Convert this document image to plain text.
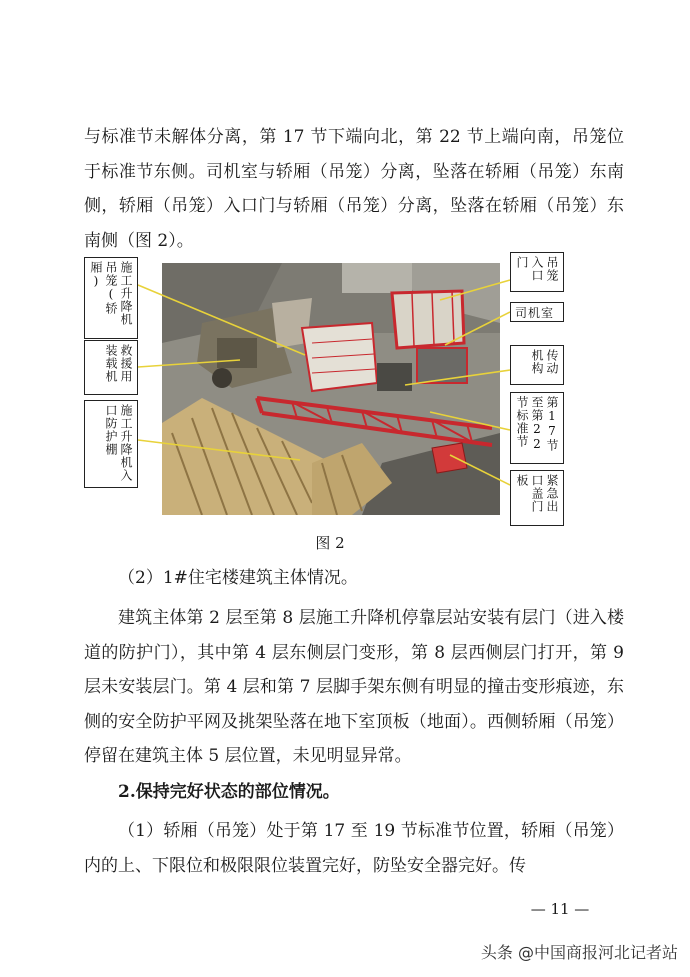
与标准节未解体分离，第 17 节下端向北，第 22 节上端向南，吊笼位于标准节东侧。司机室与轿厢（吊笼）分离，坠落在轿厢（吊笼）东南侧，轿厢（吊笼）入口门与轿厢（吊笼）分离，坠落在轿厢（吊笼）东南侧（图 2）。

施工升降机吊笼(轿厢)
救援用装载机
施工升降机入口防护棚
吊笼入口门
司机室
传动机构
第17节至第22节标准节
紧急出口盖门板
图 2

（2）1#住宅楼建筑主体情况。

建筑主体第 2 层至第 8 层施工升降机停靠层站安装有层门（进入楼道的防护门），其中第 4 层东侧层门变形，第 8 层西侧层门打开，第 9 层未安装层门。第 4 层和第 7 层脚手架东侧有明显的撞击变形痕迹，东侧的安全防护平网及挑架坠落在地下室顶板（地面）。西侧轿厢（吊笼）停留在建筑主体 5 层位置，未见明显异常。

2.保持完好状态的部位情况。

（1）轿厢（吊笼）处于第 17 至 19 节标准节位置，轿厢（吊笼）内的上、下限位和极限限位装置完好，防坠安全器完好。传

— 11 —
头条 @中国商报河北记者站
